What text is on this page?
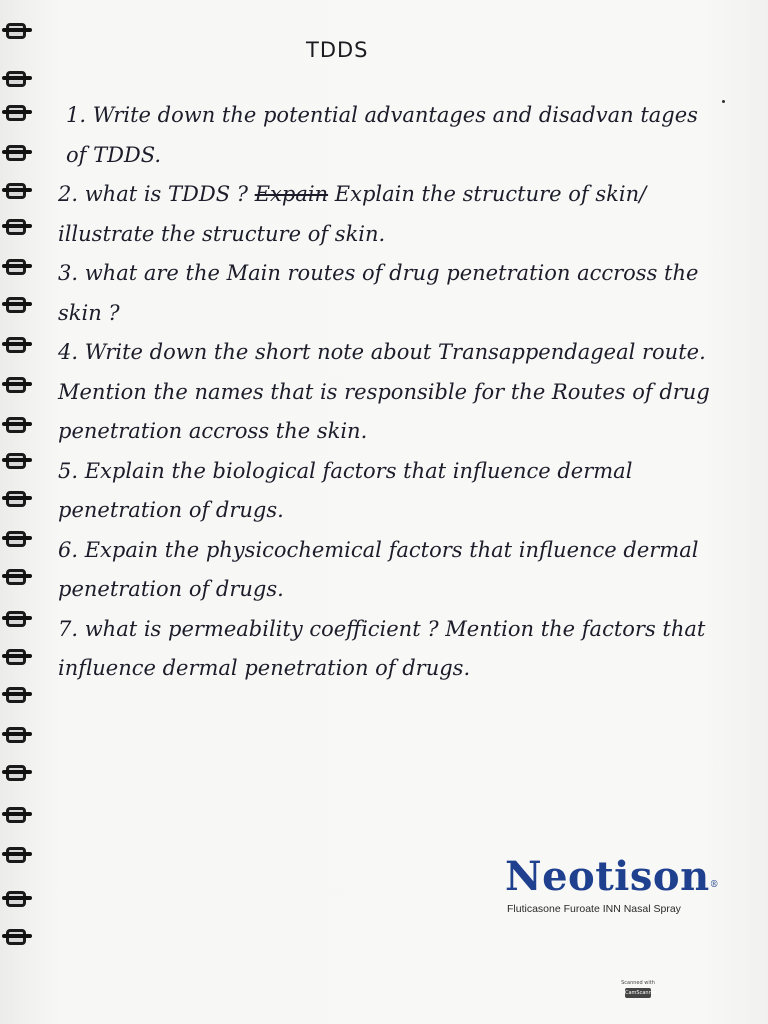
TDDS
1. Write down the potential advantages and disadvan tages of TDDS.
2. what is TDDS ? Expain Explain the structure of skin/ illustrate the structure of skin.
3. what are the Main routes of drug penetration accross the skin ?
4. Write down the short note about Transappendageal route. Mention the names that is responsible for the Routes of drug penetration accross the skin.
5. Explain the biological factors that influence dermal penetration of drugs.
6. Expain the physicochemical factors that influence dermal penetration of drugs.
7. what is permeability coefficient ? Mention the factors that influence dermal penetration of drugs.
Neotison®
Fluticasone Furoate INN Nasal Spray
Scanned with
CamScanner
